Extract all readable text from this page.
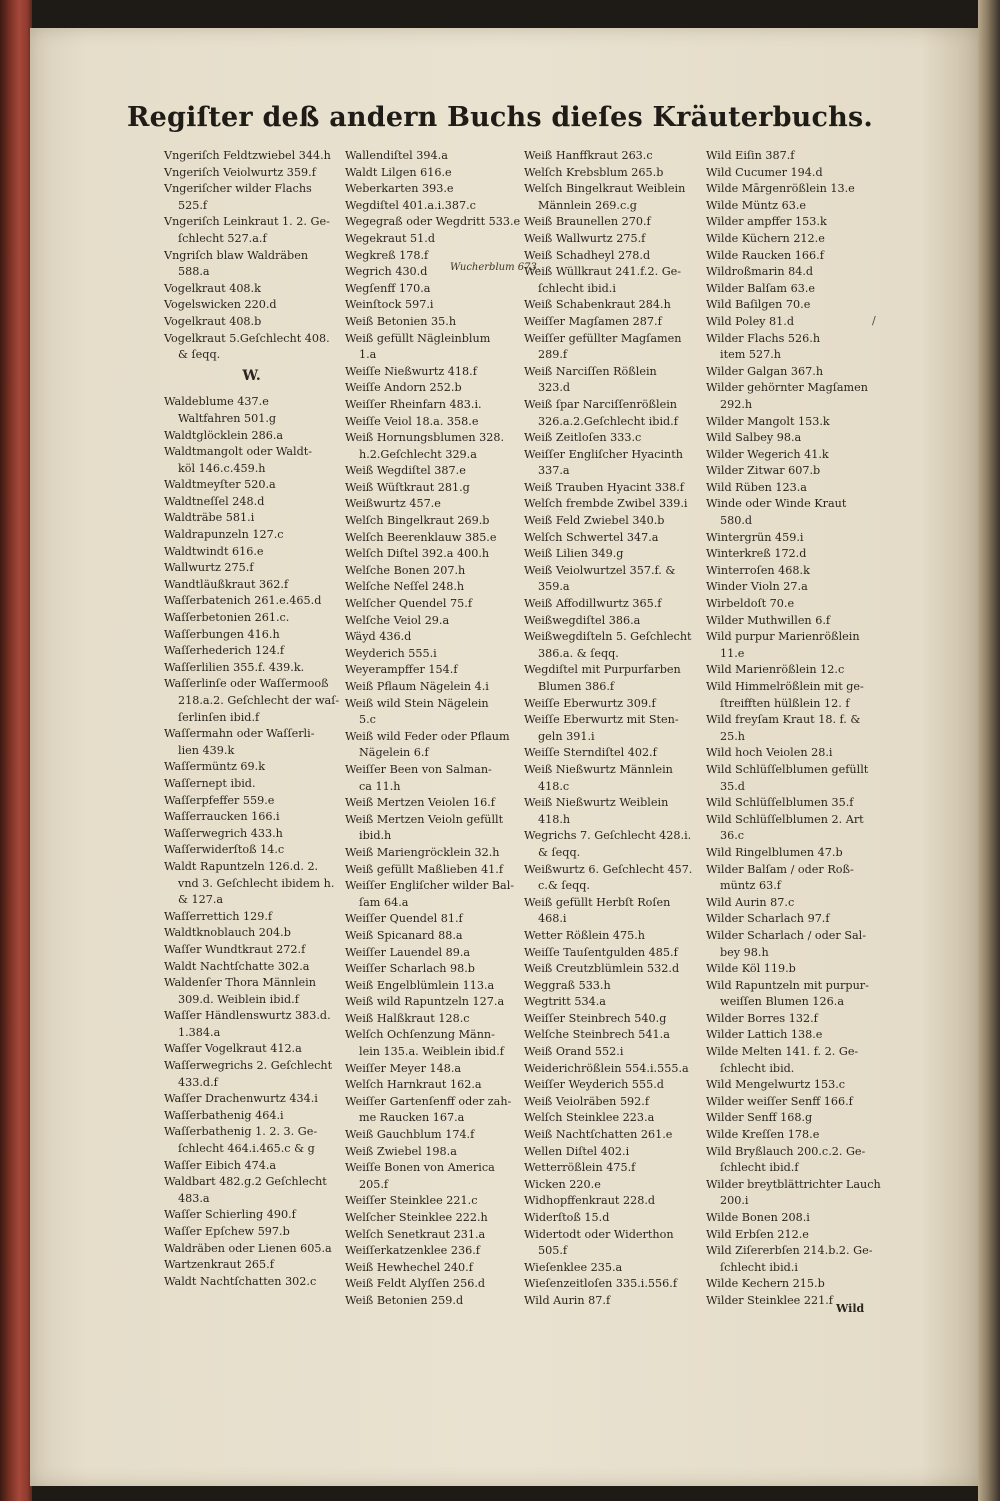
Regiſter deß andern Buchs dieſes Kräuterbuchs.
Vngeriſch Feldtzwiebel 344.h
Vngeriſch Veiolwurtz 359.f
Vngeriſcher wilder Flachs
525.f
Vngeriſch Leinkraut 1. 2. Ge-
ſchlecht 527.a.f
Vngriſch blaw Waldräben
588.a
Vogelkraut 408.k
Vogelswicken 220.d
Vogelkraut 408.b
Vogelkraut 5.Geſchlecht 408.
& ſeqq.
W.
Waldeblume 437.e
Waltfahren 501.g
Waldtglöcklein 286.a
Waldtmangolt oder Waldt-
köl 146.c.459.h
Waldtmeyſter 520.a
Waldtneſſel 248.d
Waldträbe 581.i
Waldrapunzeln 127.c
Waldtwindt 616.e
Wallwurtz 275.f
Wandtläußkraut 362.f
Waſſerbatenich 261.e.465.d
Waſſerbetonien 261.c.
Waſſerbungen 416.h
Waſſerhederich 124.f
Waſſerlilien 355.f. 439.k.
Waſſerlinſe oder Waſſermooß
218.a.2. Geſchlecht der waſ-
ſerlinſen ibid.f
Waſſermahn oder Waſſerli-
lien 439.k
Waſſermüntz 69.k
Waſſernept ibid.
Waſſerpfeffer 559.e
Waſſerraucken 166.i
Waſſerwegrich 433.h
Waſſerwiderſtoß 14.c
Waldt Rapuntzeln 126.d. 2.
vnd 3. Geſchlecht ibidem h.
& 127.a
Waſſerrettich 129.f
Waldtknoblauch 204.b
Waſſer Wundtkraut 272.f
Waldt Nachtſchatte 302.a
Waldenſer Thora Männlein
309.d. Weiblein ibid.f
Waſſer Händlenswurtz 383.d.
1.384.a
Waſſer Vogelkraut 412.a
Waſſerwegrichs 2. Geſchlecht
433.d.f
Waſſer Drachenwurtz 434.i
Waſſerbathenig 464.i
Waſſerbathenig 1. 2. 3. Ge-
ſchlecht 464.i.465.c & g
Waſſer Eibich 474.a
Waldbart 482.g.2 Geſchlecht
483.a
Waſſer Schierling 490.f
Waſſer Epſchew 597.b
Waldräben oder Lienen 605.a
Wartzenkraut 265.f
Waldt Nachtſchatten 302.c
Wallendiſtel 394.a
Waldt Lilgen 616.e
Weberkarten 393.e
Wegdiſtel 401.a.i.387.c
Wegegraß oder Wegdritt 533.e
Wegekraut 51.d
Wegkreß 178.f
Wegrich 430.d
Wegſenff 170.a
Weinſtock 597.i
Weiß Betonien 35.h
Weiß gefüllt Nägleinblum
1.a
Weiſſe Nießwurtz 418.f
Weiſſe Andorn 252.b
Weiſſer Rheinfarn 483.i.
Weiſſe Veiol 18.a. 358.e
Weiß Hornungsblumen 328.
h.2.Geſchlecht 329.a
Weiß Wegdiſtel 387.e
Weiß Wüſtkraut 281.g
Weißwurtz 457.e
Welſch Bingelkraut 269.b
Welſch Beerenklauw 385.e
Welſch Diſtel 392.a 400.h
Welſche Bonen 207.h
Welſche Neſſel 248.h
Welſcher Quendel 75.f
Welſche Veiol 29.a
Wäyd 436.d
Weyderich 555.i
Weyerampffer 154.f
Weiß Pflaum Nägelein 4.i
Weiß wild Stein Nägelein
5.c
Weiß wild Feder oder Pflaum
Nägelein 6.f
Weiſſer Been von Salman-
ca 11.h
Weiß Mertzen Veiolen 16.f
Weiß Mertzen Veioln gefüllt
ibid.h
Weiß Mariengröcklein 32.h
Weiß gefüllt Maßlieben 41.f
Weiſſer Engliſcher wilder Bal-
ſam 64.a
Weiſſer Quendel 81.f
Weiß Spicanard 88.a
Weiſſer Lauendel 89.a
Weiſſer Scharlach 98.b
Weiß Engelblümlein 113.a
Weiß wild Rapuntzeln 127.a
Weiß Halßkraut 128.c
Welſch Ochſenzung Männ-
lein 135.a. Weiblein ibid.f
Weiſſer Meyer 148.a
Welſch Harnkraut 162.a
Weiſſer Gartenſenff oder zah-
me Raucken 167.a
Weiß Gauchblum 174.f
Weiß Zwiebel 198.a
Weiſſe Bonen von America
205.f
Weiſſer Steinklee 221.c
Welſcher Steinklee 222.h
Welſch Senetkraut 231.a
Weiſſerkatzenklee 236.f
Weiß Hewhechel 240.f
Weiß Feldt Alyſſen 256.d
Weiß Betonien 259.d
Weiß Hanffkraut 263.c
Welſch Krebsblum 265.b
Welſch Bingelkraut Weiblein
Männlein 269.c.g
Weiß Braunellen 270.f
Weiß Wallwurtz 275.f
Weiß Schadheyl 278.d
Weiß Wüllkraut 241.f.2. Ge-
ſchlecht ibid.i
Weiß Schabenkraut 284.h
Weiſſer Magſamen 287.f
Weiſſer gefüllter Magſamen
289.f
Weiß Narciſſen Rößlein
323.d
Weiß ſpar Narciſſenrößlein
326.a.2.Geſchlecht ibid.f
Weiß Zeitloſen 333.c
Weiſſer Engliſcher Hyacinth
337.a
Weiß Trauben Hyacint 338.f
Welſch frembde Zwibel 339.i
Weiß Feld Zwiebel 340.b
Welſch Schwertel 347.a
Weiß Lilien 349.g
Weiß Veiolwurtzel 357.f. &
359.a
Weiß Affodillwurtz 365.f
Weißwegdiſtel 386.a
Weißwegdiſteln 5. Geſchlecht
386.a. & ſeqq.
Wegdiſtel mit Purpurfarben
Blumen 386.f
Weiſſe Eberwurtz 309.f
Weiſſe Eberwurtz mit Sten-
geln 391.i
Weiſſe Sterndiſtel 402.f
Weiß Nießwurtz Männlein
418.c
Weiß Nießwurtz Weiblein
418.h
Wegrichs 7. Geſchlecht 428.i.
& ſeqq.
Weißwurtz 6. Geſchlecht 457.
c.& ſeqq.
Weiß gefüllt Herbſt Roſen
468.i
Wetter Rößlein 475.h
Weiſſe Tauſentgulden 485.f
Weiß Creutzblümlein 532.d
Weggraß 533.h
Wegtritt 534.a
Weiſſer Steinbrech 540.g
Welſche Steinbrech 541.a
Weiß Orand 552.i
Weiderichrößlein 554.i.555.a
Weiſſer Weyderich 555.d
Weiß Veiolräben 592.f
Welſch Steinklee 223.a
Weiß Nachtſchatten 261.e
Wellen Diſtel 402.i
Wetterrößlein 475.f
Wicken 220.e
Widhopffenkraut 228.d
Widerſtoß 15.d
Widertodt oder Widerthon
505.f
Wieſenklee 235.a
Wieſenzeitloſen 335.i.556.f
Wild Aurin 87.f
Wild Eiſin 387.f
Wild Cucumer 194.d
Wilde Mārgenrößlein 13.e
Wilde Müntz 63.e
Wilder ampffer 153.k
Wilde Küchern 212.e
Wilde Raucken 166.f
Wildroßmarin 84.d
Wilder Balſam 63.e
Wild Baſilgen 70.e
Wild Poley 81.d
Wilder Flachs 526.h
item 527.h
Wilder Galgan 367.h
Wilder gehörnter Magſamen
292.h
Wilder Mangolt 153.k
Wild Salbey 98.a
Wilder Wegerich 41.k
Wilder Zitwar 607.b
Wild Rüben 123.a
Winde oder Winde Kraut
580.d
Wintergrün 459.i
Winterkreß 172.d
Winterroſen 468.k
Winder Violn 27.a
Wirbeldoſt 70.e
Wilder Muthwillen 6.f
Wild purpur Marienrößlein
11.e
Wild Marienrößlein 12.c
Wild Himmelrößlein mit ge-
ſtreifften hülßlein 12. f
Wild freyſam Kraut 18. f. &
25.h
Wild hoch Veiolen 28.i
Wild Schlüſſelblumen gefüllt
35.d
Wild Schlüſſelblumen 35.f
Wild Schlüſſelblumen 2. Art
36.c
Wild Ringelblumen 47.b
Wilder Balſam / oder Roß-
müntz 63.f
Wild Aurin 87.c
Wilder Scharlach 97.f
Wilder Scharlach / oder Sal-
bey 98.h
Wilde Köl 119.b
Wild Rapuntzeln mit purpur-
weiſſen Blumen 126.a
Wilder Borres 132.f
Wilder Lattich 138.e
Wilde Melten 141. f. 2. Ge-
ſchlecht ibid.
Wild Mengelwurtz 153.c
Wilder weiſſer Senff 166.f
Wilder Senff 168.g
Wilde Kreſſen 178.e
Wild Bryßlauch 200.c.2. Ge-
ſchlecht ibid.f
Wilder breytblättrichter Lauch
200.i
Wilde Bonen 208.i
Wild Erbſen 212.e
Wild Ziſererbſen 214.b.2. Ge-
ſchlecht ibid.i
Wilde Kechern 215.b
Wilder Steinklee 221.f
Wucherblum 673.
/
Wild
